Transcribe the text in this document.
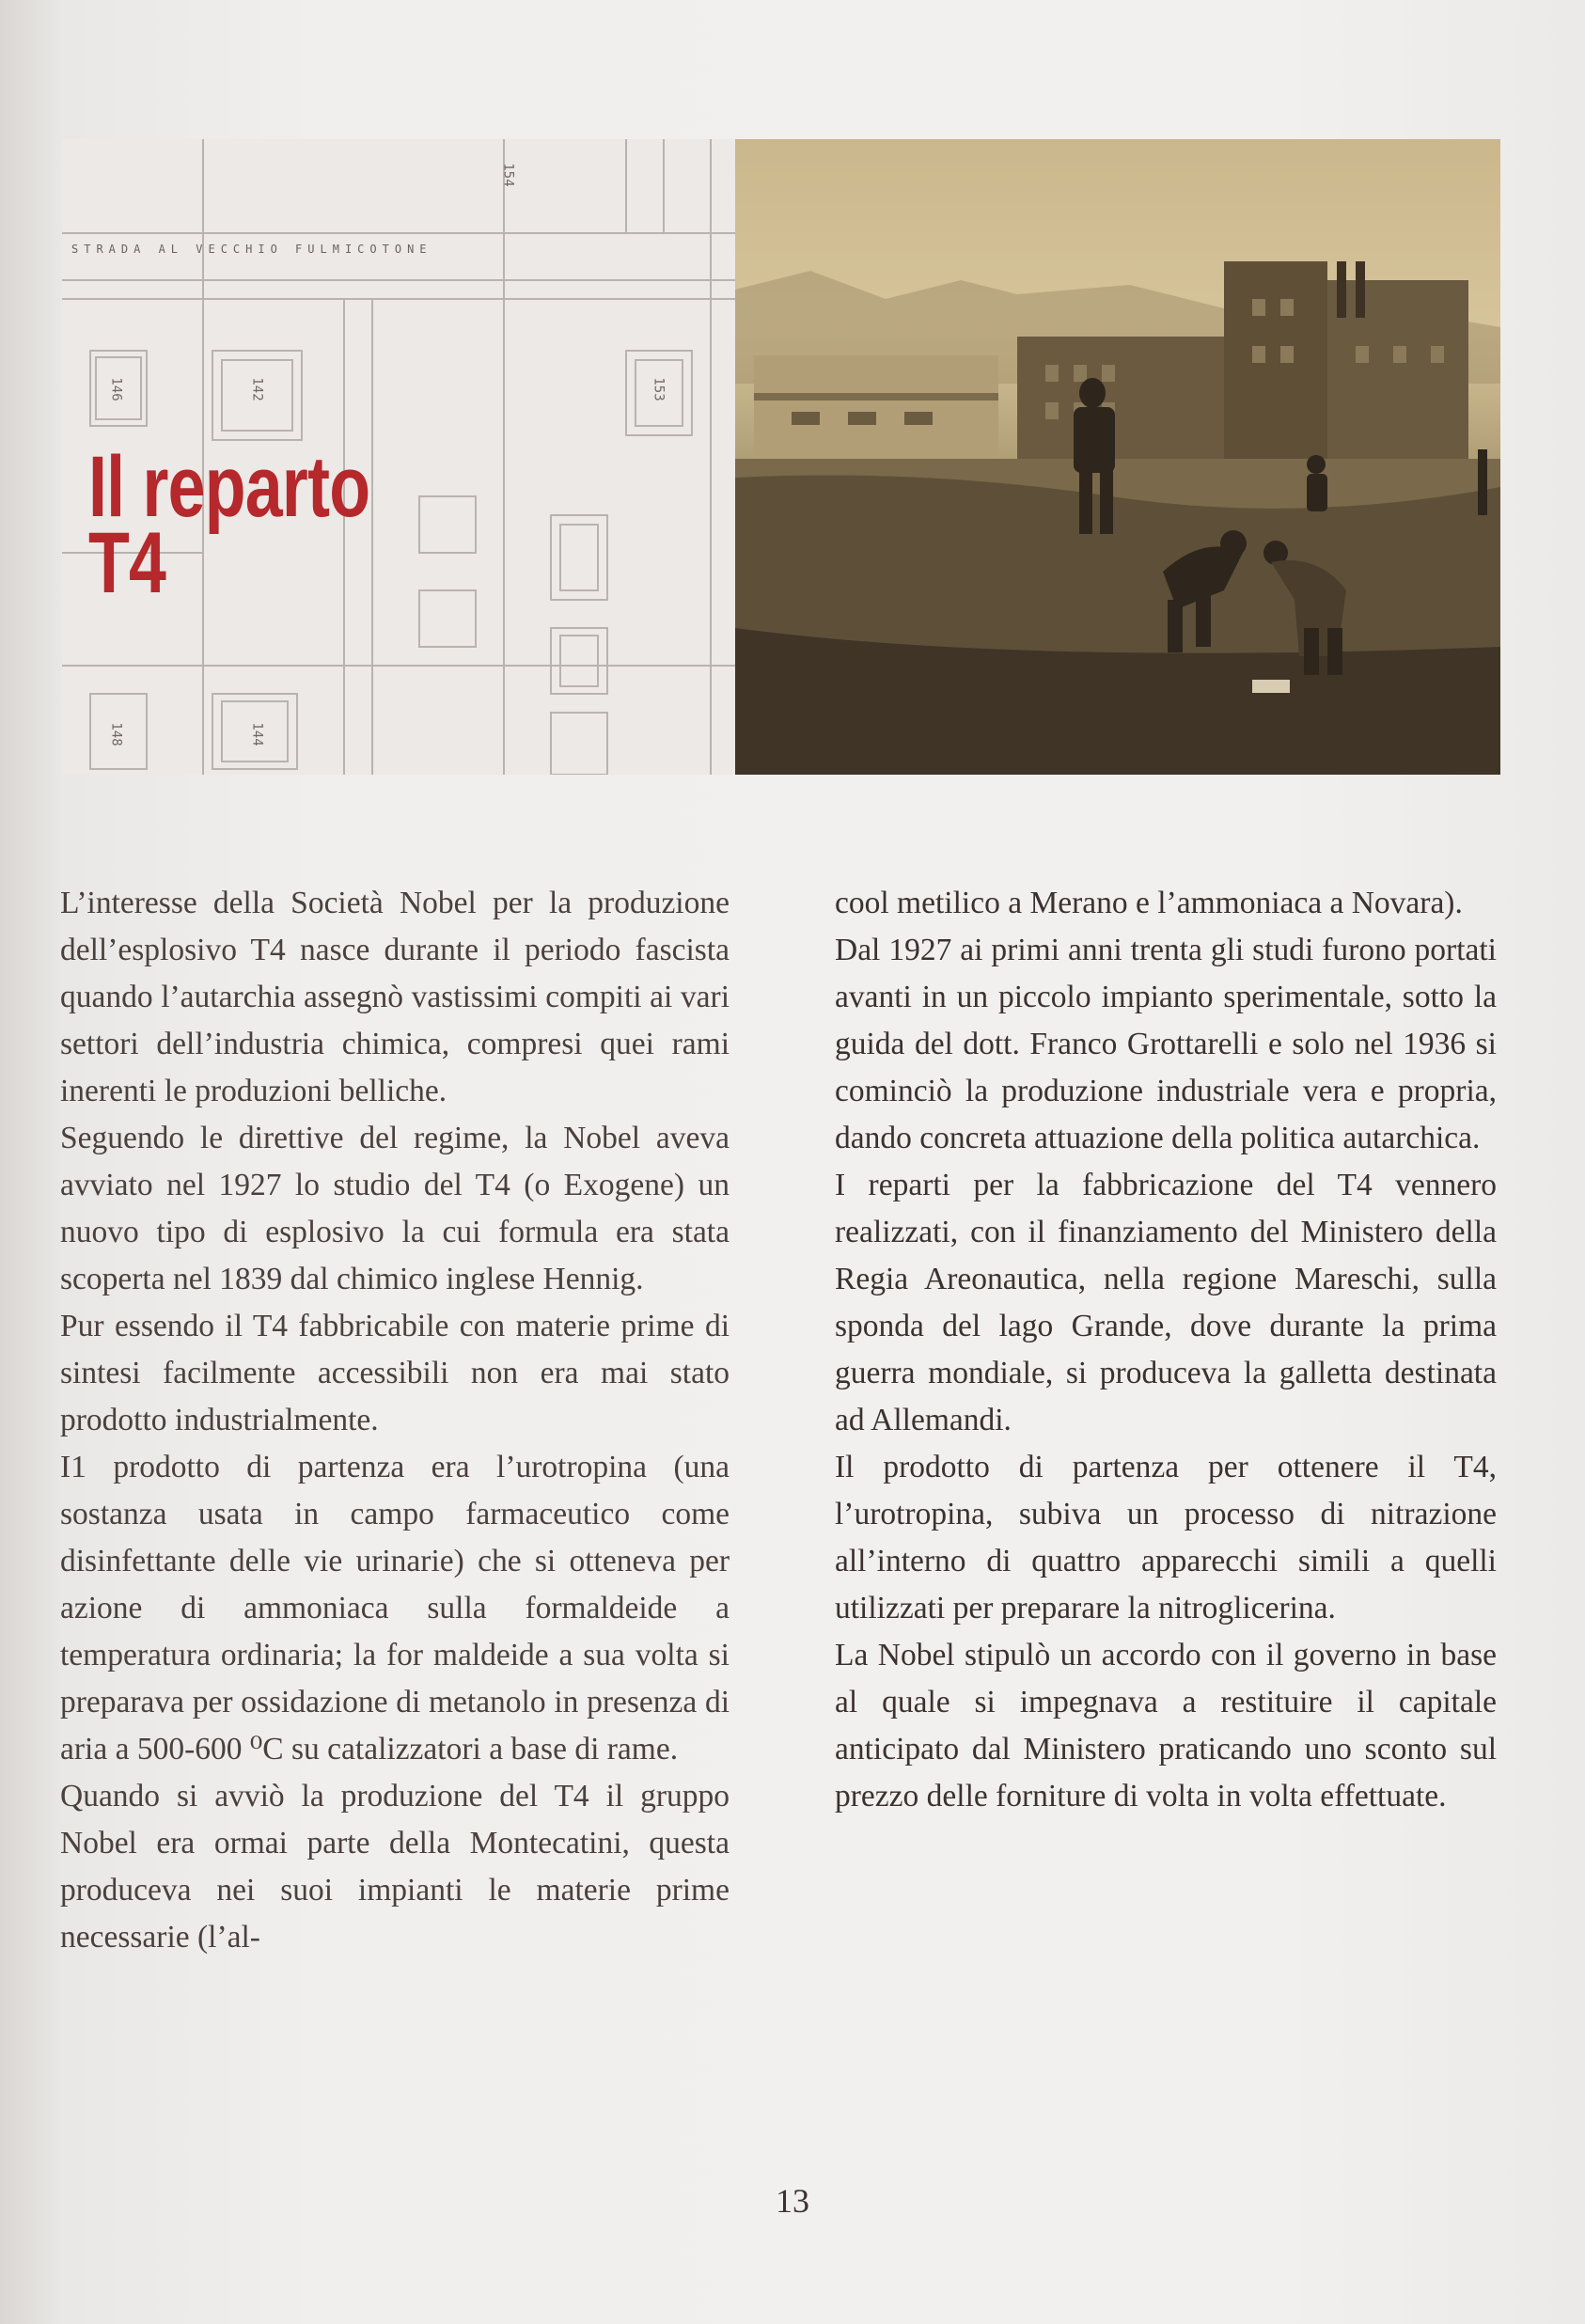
STRADA AL VECCHIO FULMICOTONE
154
146	142	153
148	144
Il reparto
T4

L’interesse della Società Nobel per la produzione dell’esplosivo T4 nasce durante il periodo fascista quando l’autarchia assegnò vastissimi compiti ai vari settori dell’industria chimica, compresi quei rami inerenti le produzioni belliche.

Seguendo le direttive del regime, la Nobel aveva avviato nel 1927 lo studio del T4 (o Exogene) un nuovo tipo di esplosivo la cui formula era stata scoperta nel 1839 dal chimico inglese Hennig.

Pur essendo il T4 fabbricabile con materie prime di sintesi facilmente accessibili non era mai stato prodotto industrialmente.

I1 prodotto di partenza era l’urotropina (una sostanza usata in campo farmaceutico come disinfettante delle vie urinarie) che si otteneva per azione di ammoniaca sulla formaldeide a temperatura ordinaria; la for maldeide a sua volta si preparava per ossidazione di metanolo in presenza di aria a 500-600 ⁰C su catalizzatori a base di rame.

Quando si avviò la produzione del T4 il gruppo Nobel era ormai parte della Montecatini, questa produceva nei suoi impianti le materie prime necessarie (l’al-

cool metilico a Merano e l’ammoniaca a Novara).

Dal 1927 ai primi anni trenta gli studi furono portati avanti in un piccolo impianto sperimentale, sotto la guida del dott. Franco Grottarelli e solo nel 1936 si cominciò la produzione industriale vera e propria, dando concreta attuazione della politica autarchica.

I reparti per la fabbricazione del T4 vennero realizzati, con il finanziamento del Ministero della Regia Areonautica, nella regione Mareschi, sulla sponda del lago Grande, dove durante la prima guerra mondiale, si produceva la galletta destinata ad Allemandi.

Il prodotto di partenza per ottenere il T4, l’urotropina, subiva un processo di nitrazione all’interno di quattro apparecchi simili a quelli utilizzati per preparare la nitroglicerina.

La Nobel stipulò un accordo con il governo in base al quale si impegnava a restituire il capitale anticipato dal Ministero praticando uno sconto sul prezzo delle forniture di volta in volta effettuate.

13
